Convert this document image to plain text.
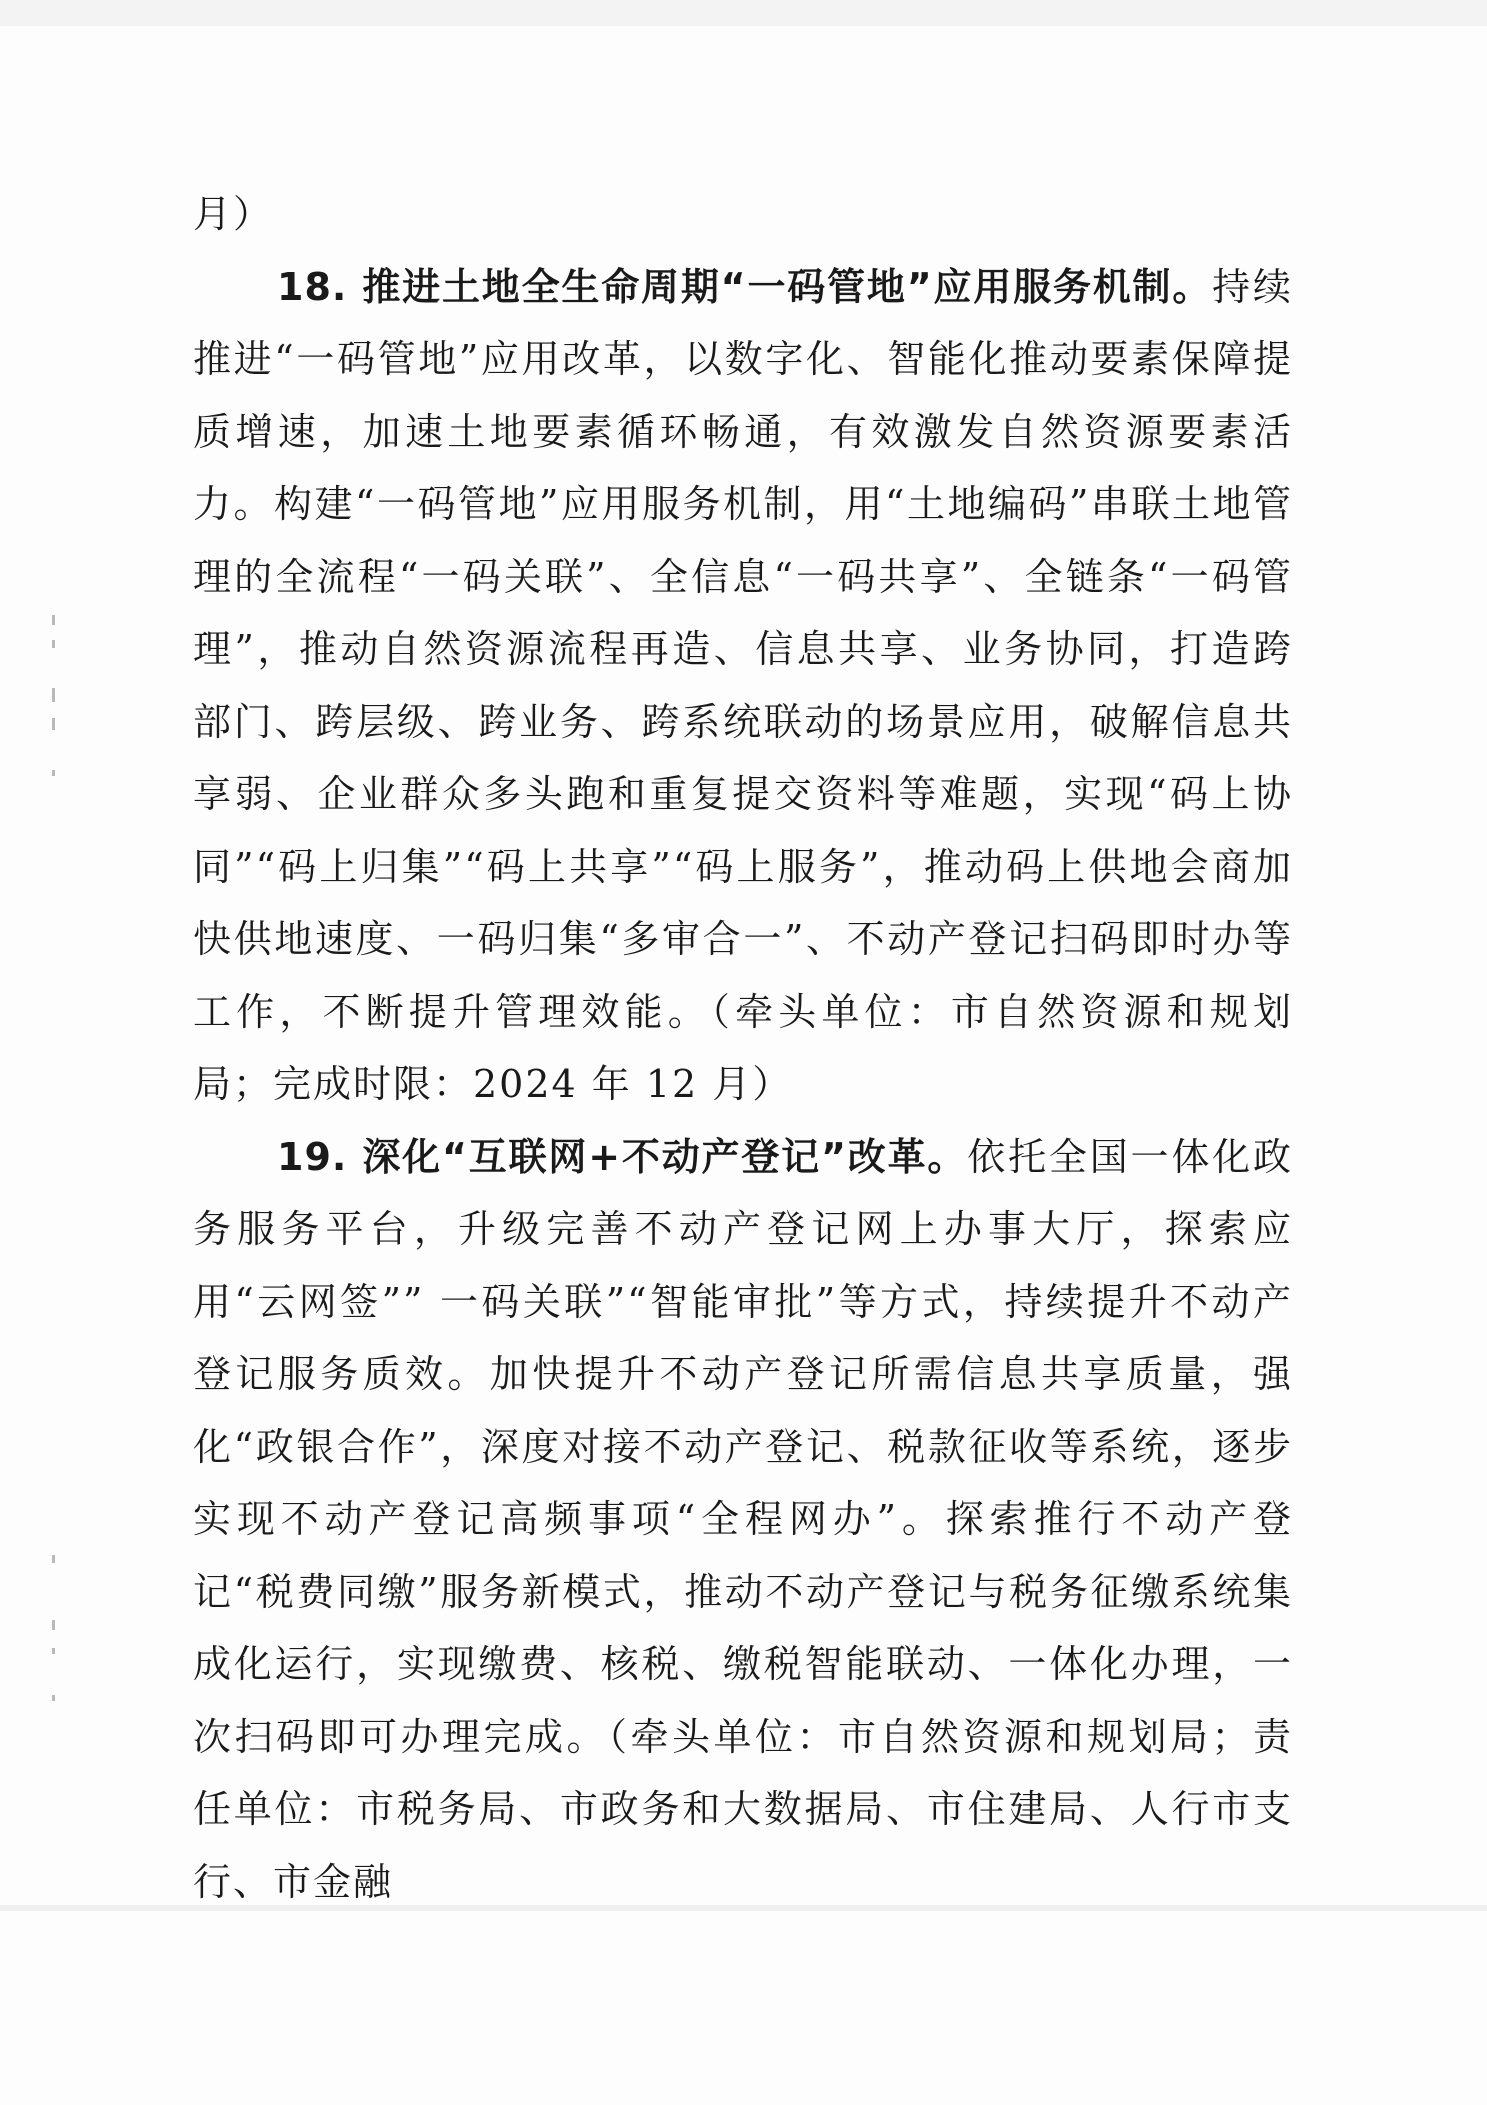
月）

18. 推进土地全生命周期“一码管地”应用服务机制。持续推进“一码管地”应用改革，以数字化、智能化推动要素保障提质增速，加速土地要素循环畅通，有效激发自然资源要素活力。构建“一码管地”应用服务机制，用“土地编码”串联土地管理的全流程“一码关联”、全信息“一码共享”、全链条“一码管理”，推动自然资源流程再造、信息共享、业务协同，打造跨部门、跨层级、跨业务、跨系统联动的场景应用，破解信息共享弱、企业群众多头跑和重复提交资料等难题，实现“码上协同”“码上归集”“码上共享”“码上服务”，推动码上供地会商加快供地速度、一码归集“多审合一”、不动产登记扫码即时办等工作，不断提升管理效能。（牵头单位：市自然资源和规划局；完成时限：2024 年 12 月）

19. 深化“互联网+不动产登记”改革。依托全国一体化政务服务平台，升级完善不动产登记网上办事大厅，探索应用“云网签”” 一码关联”“智能审批”等方式，持续提升不动产登记服务质效。加快提升不动产登记所需信息共享质量，强化“政银合作”，深度对接不动产登记、税款征收等系统，逐步实现不动产登记高频事项“全程网办”。探索推行不动产登记“税费同缴”服务新模式，推动不动产登记与税务征缴系统集成化运行，实现缴费、核税、缴税智能联动、一体化办理，一次扫码即可办理完成。（牵头单位：市自然资源和规划局；责任单位：市税务局、市政务和大数据局、市住建局、人行市支行、市金融
